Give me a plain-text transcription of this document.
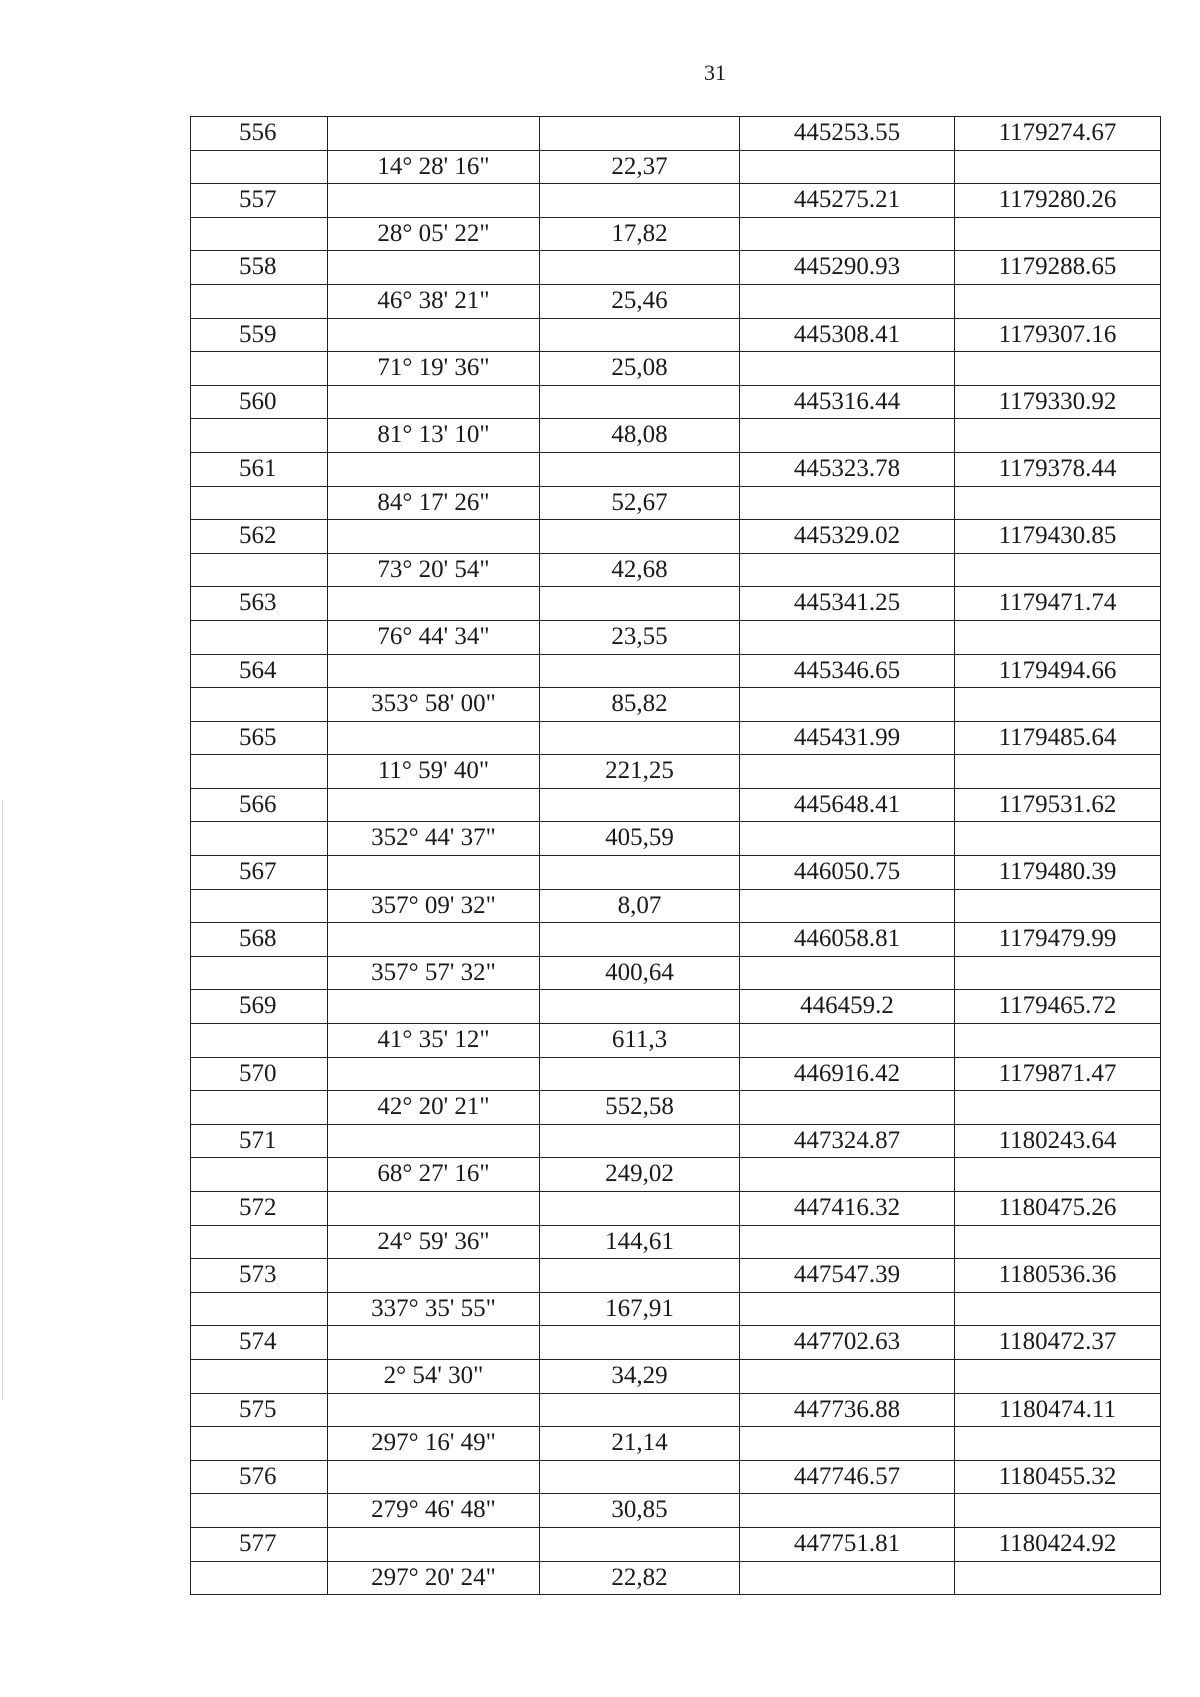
31
556			445253.55	1179274.67
	14° 28' 16"	22,37		
557			445275.21	1179280.26
	28° 05' 22"	17,82		
558			445290.93	1179288.65
	46° 38' 21"	25,46		
559			445308.41	1179307.16
	71° 19' 36"	25,08		
560			445316.44	1179330.92
	81° 13' 10"	48,08		
561			445323.78	1179378.44
	84° 17' 26"	52,67		
562			445329.02	1179430.85
	73° 20' 54"	42,68		
563			445341.25	1179471.74
	76° 44' 34"	23,55		
564			445346.65	1179494.66
	353° 58' 00"	85,82		
565			445431.99	1179485.64
	11° 59' 40"	221,25		
566			445648.41	1179531.62
	352° 44' 37"	405,59		
567			446050.75	1179480.39
	357° 09' 32"	8,07		
568			446058.81	1179479.99
	357° 57' 32"	400,64		
569			446459.2	1179465.72
	41° 35' 12"	611,3		
570			446916.42	1179871.47
	42° 20' 21"	552,58		
571			447324.87	1180243.64
	68° 27' 16"	249,02		
572			447416.32	1180475.26
	24° 59' 36"	144,61		
573			447547.39	1180536.36
	337° 35' 55"	167,91		
574			447702.63	1180472.37
	2° 54' 30"	34,29		
575			447736.88	1180474.11
	297° 16' 49"	21,14		
576			447746.57	1180455.32
	279° 46' 48"	30,85		
577			447751.81	1180424.92
	297° 20' 24"	22,82		
